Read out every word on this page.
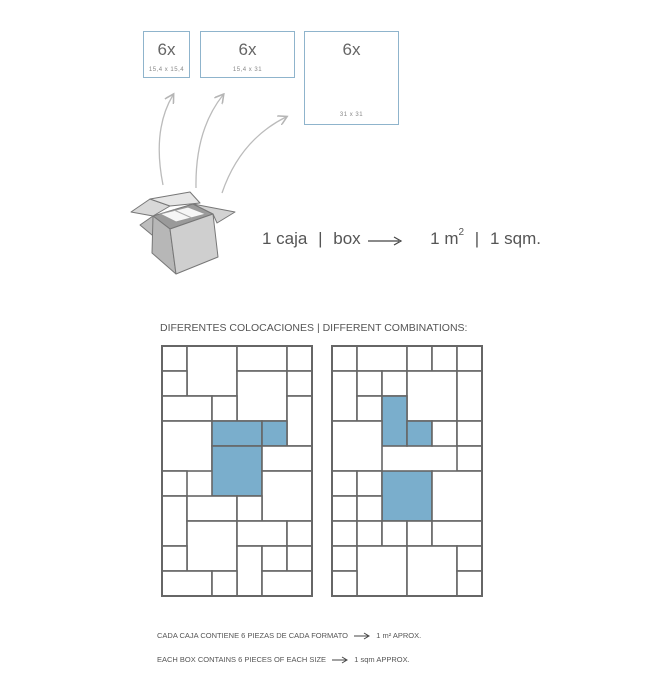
6x
15,4 x 15,4
6x
15,4 x 31
6x
31 x 31
1 caja | box	1 $m^2$ | 1 sqm.
DIFERENTES COLOCACIONES | DIFFERENT COMBINATIONS:
CADA CAJA CONTIENE 6 PIEZAS DE CADA FORMATO	1 m² APROX.
EACH BOX CONTAINS 6 PIECES OF EACH SIZE	1 sqm APPROX.
